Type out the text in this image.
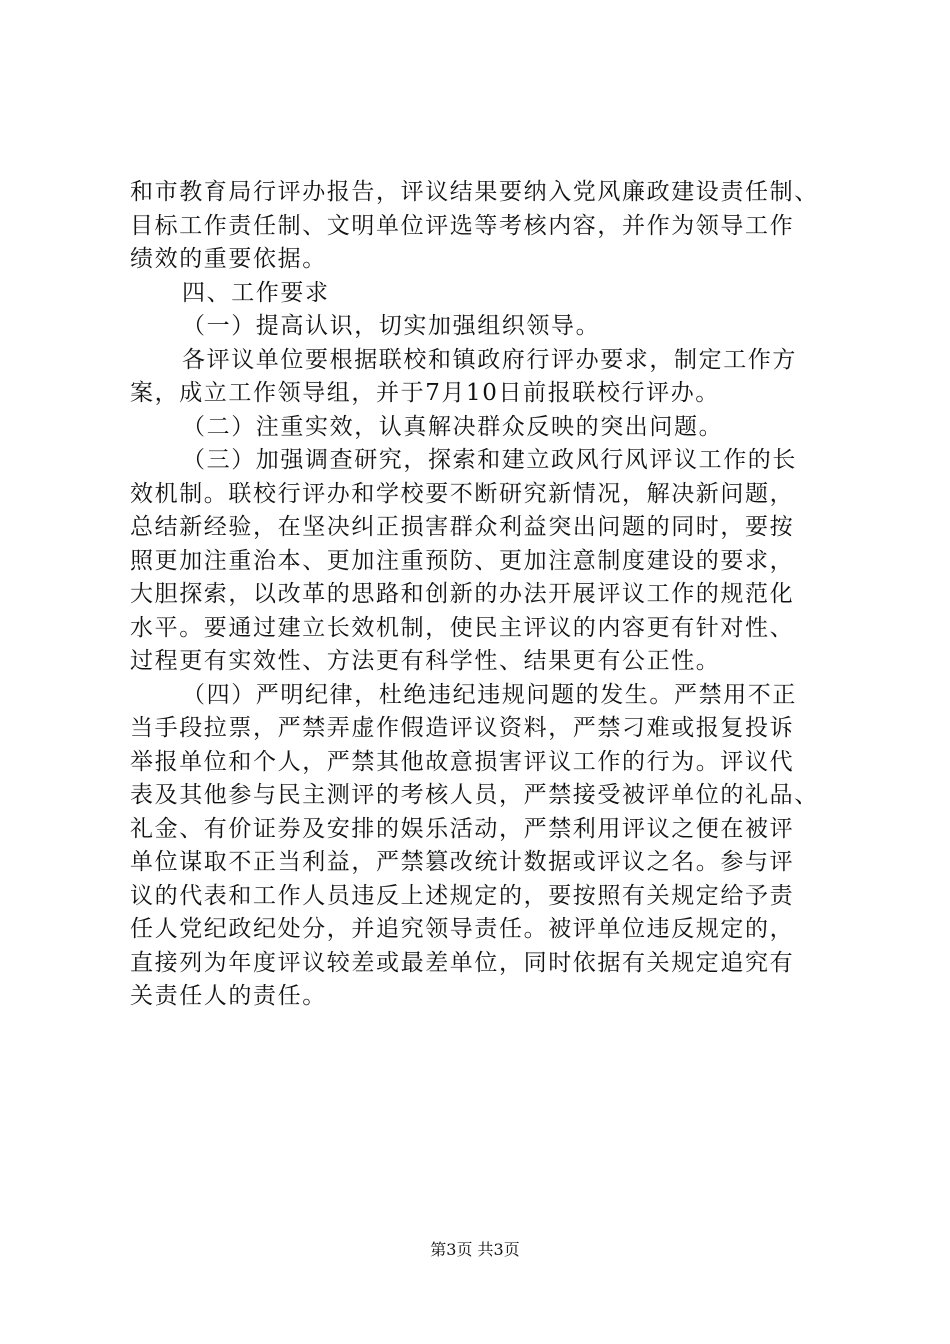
和市教育局行评办报告，评议结果要纳入党风廉政建设责任制、
目标工作责任制、文明单位评选等考核内容，并作为领导工作
绩效的重要依据。
四、工作要求
（一）提高认识，切实加强组织领导。
各评议单位要根据联校和镇政府行评办要求，制定工作方
案，成立工作领导组，并于7月10日前报联校行评办。
（二）注重实效，认真解决群众反映的突出问题。
（三）加强调查研究，探索和建立政风行风评议工作的长
效机制。联校行评办和学校要不断研究新情况，解决新问题，
总结新经验，在坚决纠正损害群众利益突出问题的同时，要按
照更加注重治本、更加注重预防、更加注意制度建设的要求，
大胆探索，以改革的思路和创新的办法开展评议工作的规范化
水平。要通过建立长效机制，使民主评议的内容更有针对性、
过程更有实效性、方法更有科学性、结果更有公正性。
（四）严明纪律，杜绝违纪违规问题的发生。严禁用不正
当手段拉票，严禁弄虚作假造评议资料，严禁刁难或报复投诉
举报单位和个人，严禁其他故意损害评议工作的行为。评议代
表及其他参与民主测评的考核人员，严禁接受被评单位的礼品、
礼金、有价证券及安排的娱乐活动，严禁利用评议之便在被评
单位谋取不正当利益，严禁篡改统计数据或评议之名。参与评
议的代表和工作人员违反上述规定的，要按照有关规定给予责
任人党纪政纪处分，并追究领导责任。被评单位违反规定的，
直接列为年度评议较差或最差单位，同时依据有关规定追究有
关责任人的责任。
第3页 共3页
